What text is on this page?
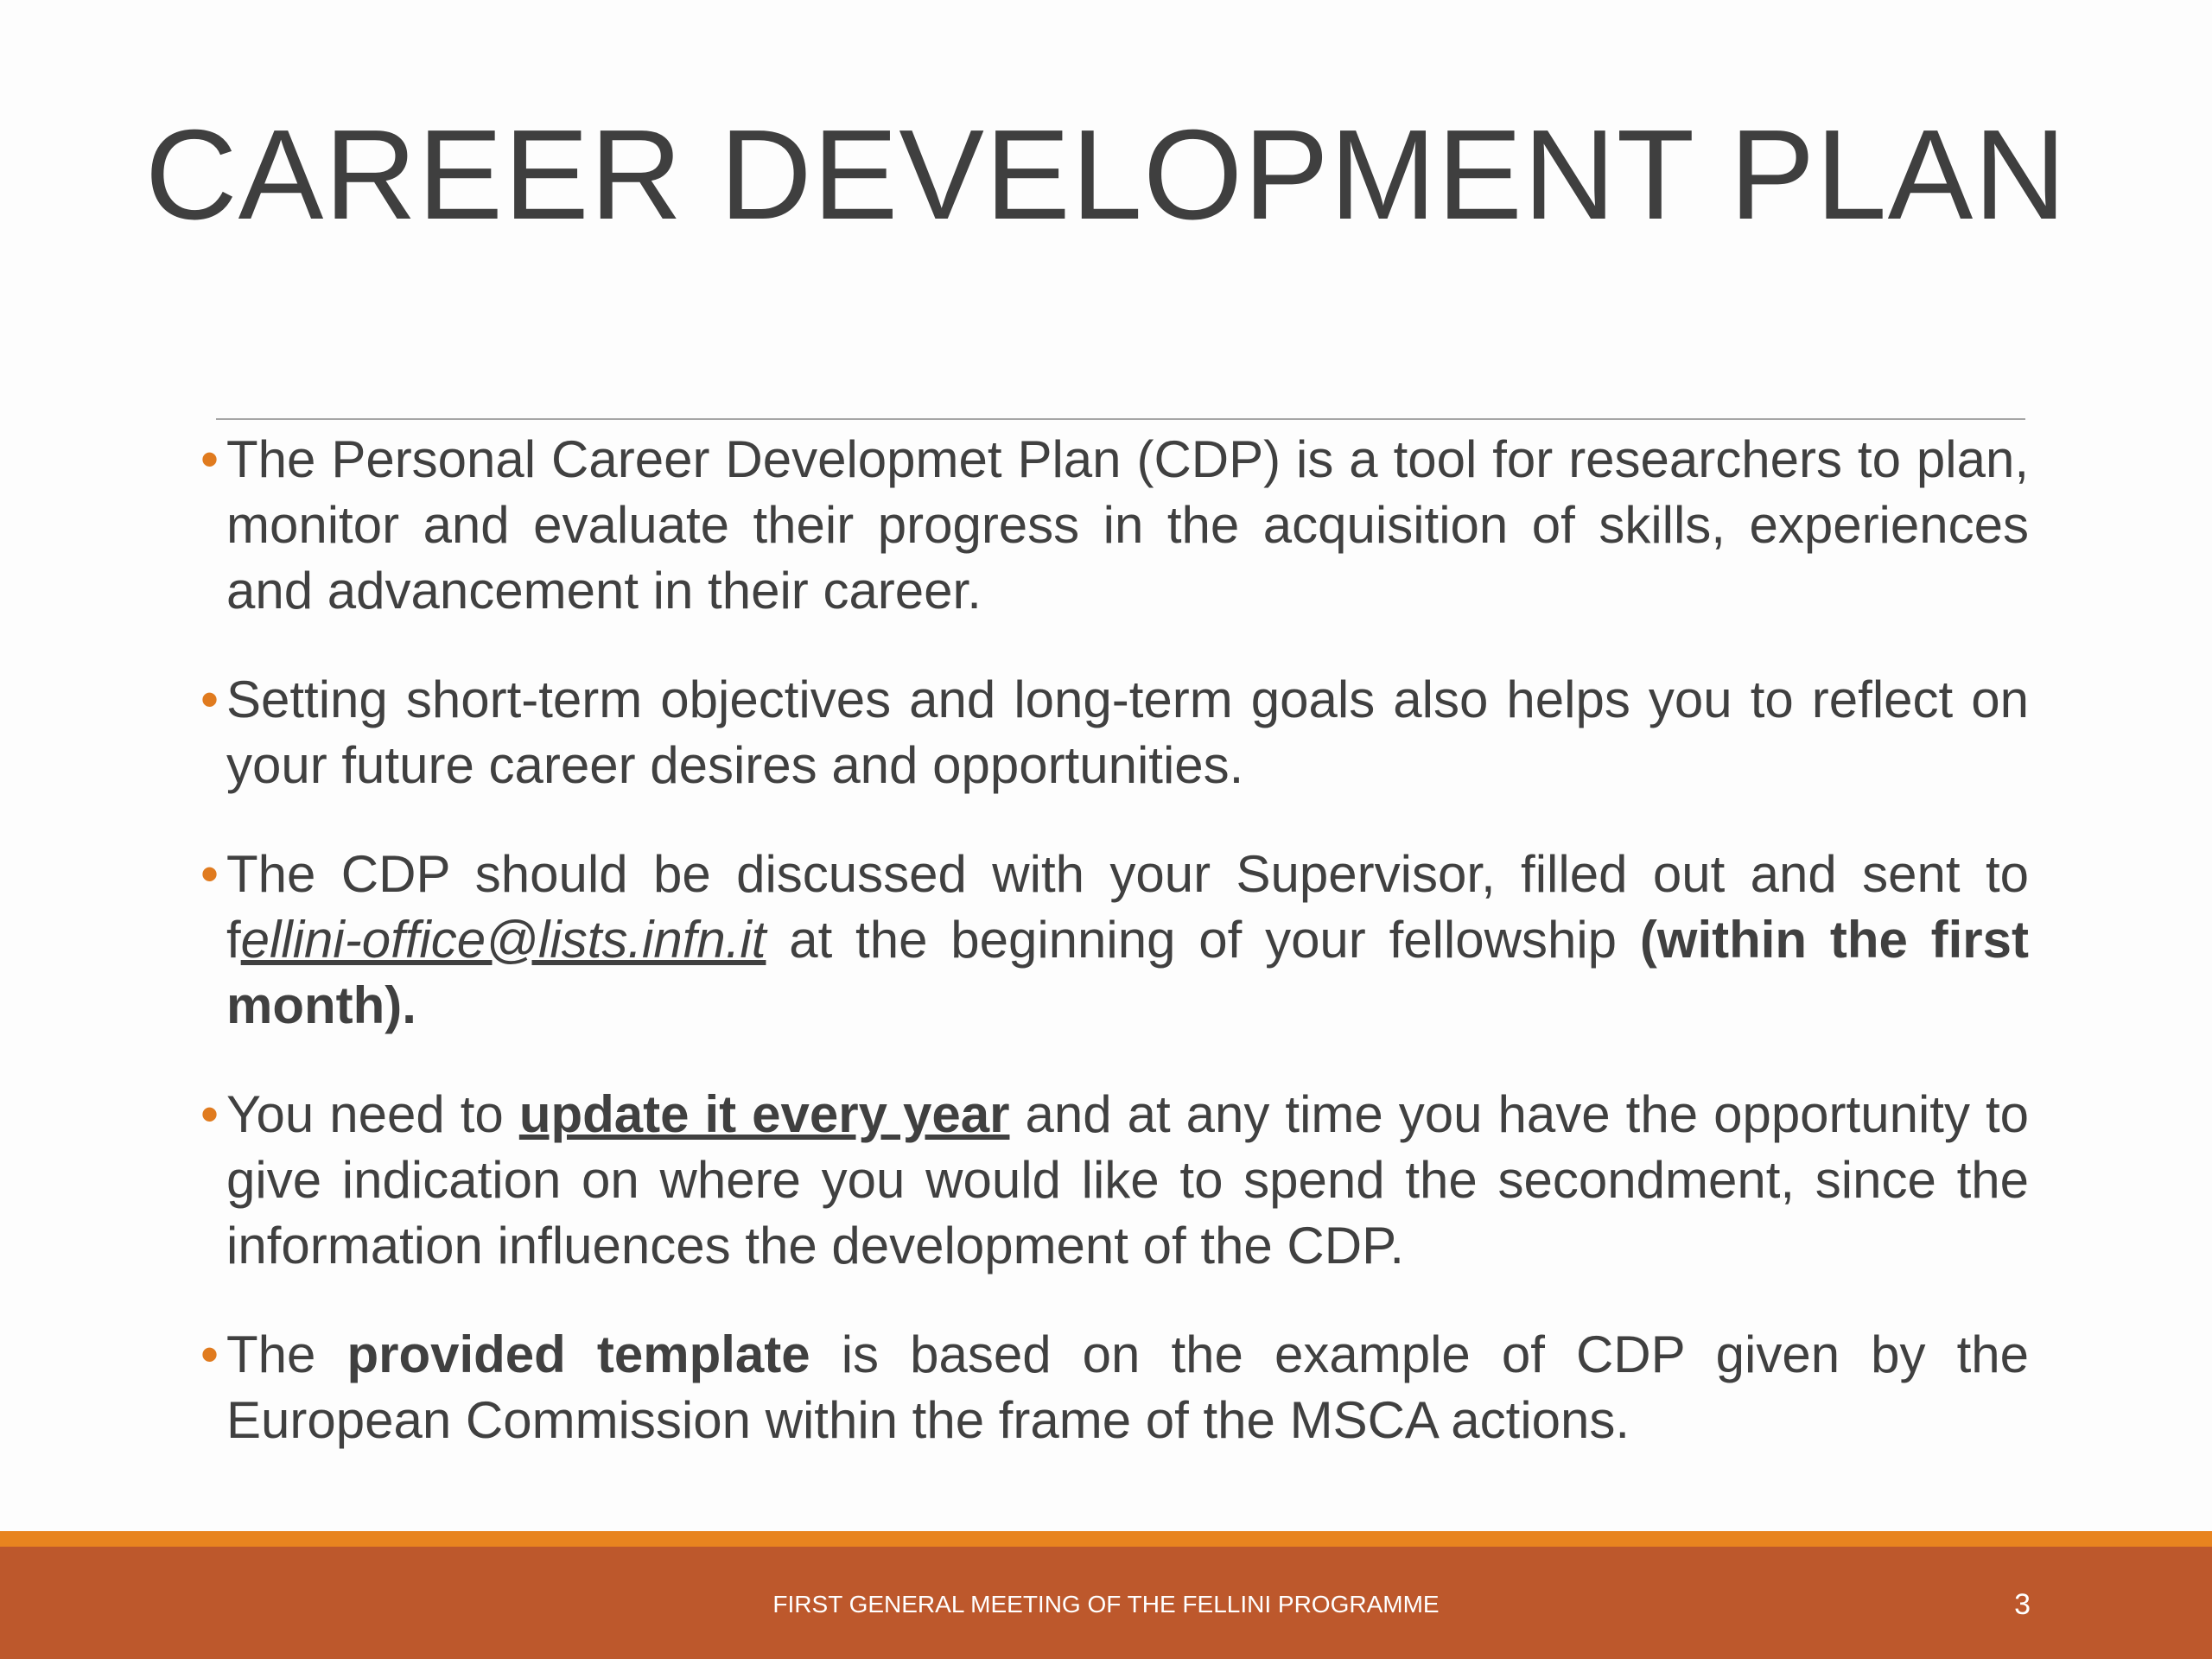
CAREER DEVELOPMENT PLAN
• The Personal Career Developmet Plan (CDP) is a tool for researchers to plan, monitor and evaluate their progress in the acquisition of skills, experiences and advancement in their career.
• Setting short-term objectives and long-term goals also helps you to reflect on your future career desires and opportunities.
• The CDP should be discussed with your Supervisor, filled out and sent to fellini-office@lists.infn.it at the beginning of your fellowship (within the first month).
• You need to update it every year and at any time you have the opportunity to give indication on where you would like to spend the secondment, since the information influences the development of the CDP.
• The provided template is based on the example of CDP given by the European Commission within the frame of the MSCA actions.
FIRST GENERAL MEETING OF THE FELLINI PROGRAMME	3
